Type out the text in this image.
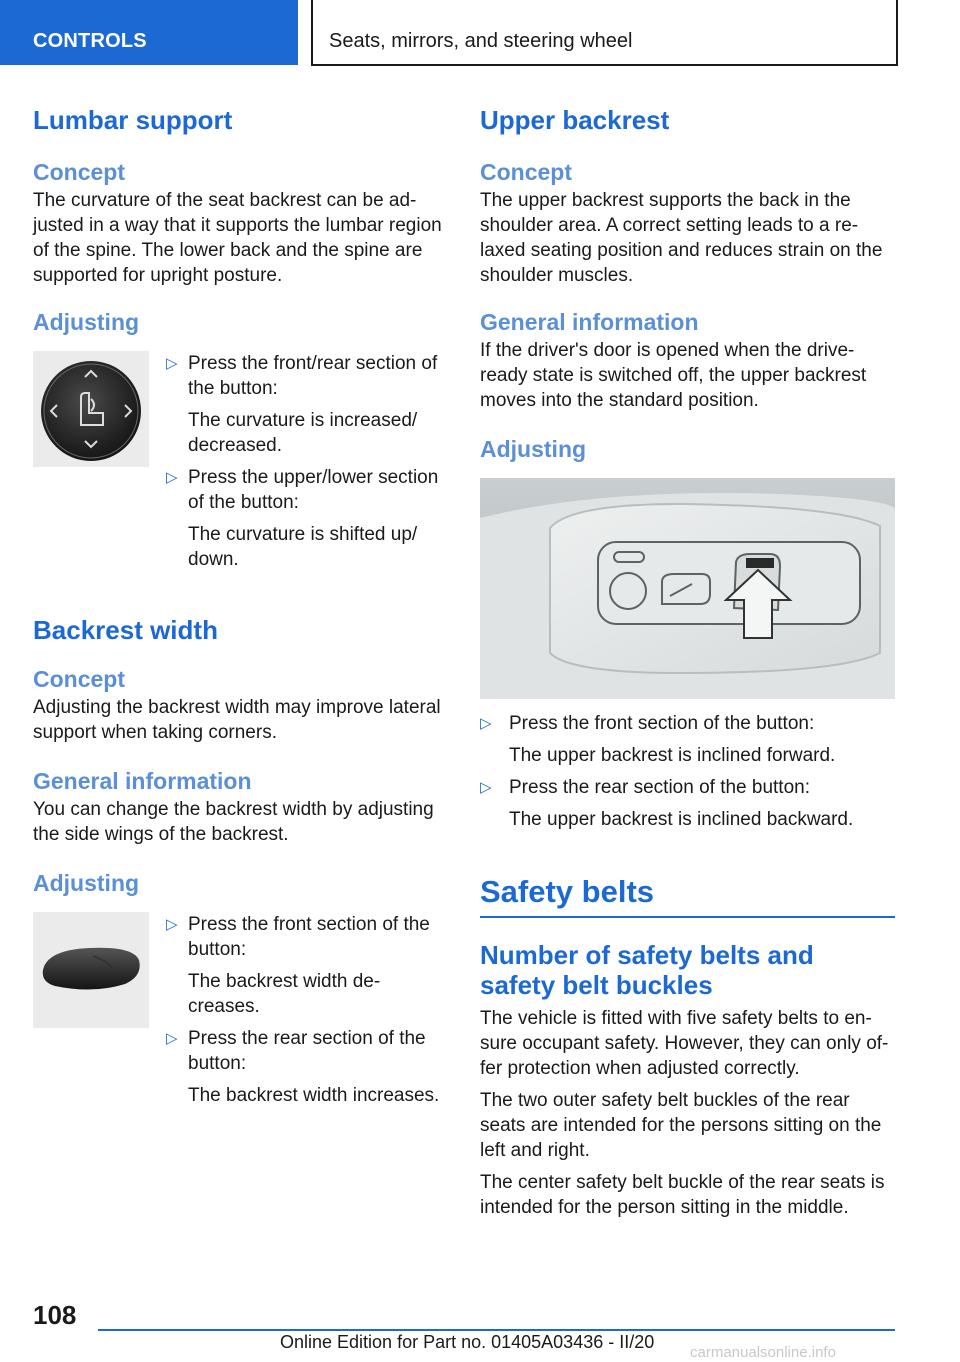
CONTROLS	Seats, mirrors, and steering wheel
Lumbar support
Concept

The curvature of the seat backrest can be ad‐justed in a way that it supports the lumbar region of the spine. The lower back and the spine are supported for upright posture.

Adjusting
▷ Press the front/rear section of the button:

The curvature is increased/ decreased.

▷ Press the upper/lower section of the button:

The curvature is shifted up/ down.

Backrest width
Concept

Adjusting the backrest width may improve lateral support when taking corners.

General information

You can change the backrest width by adjusting the side wings of the backrest.

Adjusting
▷ Press the front section of the button:

The backrest width de‐ creases.

▷ Press the rear section of the button:

The backrest width increases.

Upper backrest
Concept

The upper backrest supports the back in the shoulder area. A correct setting leads to a re‐laxed seating position and reduces strain on the shoulder muscles.

General information

If the driver's door is opened when the drive-ready state is switched off, the upper backrest moves into the standard position.

Adjusting
▷ Press the front section of the button:

The upper backrest is inclined forward.

▷ Press the rear section of the button:

The upper backrest is inclined backward.

Safety belts
Number of safety belts and safety belt buckles

The vehicle is fitted with five safety belts to en‐sure occupant safety. However, they can only of‐fer protection when adjusted correctly.

The two outer safety belt buckles of the rear seats are intended for the persons sitting on the left and right.

The center safety belt buckle of the rear seats is intended for the person sitting in the middle.

108
Online Edition for Part no. 01405A03436 - II/20
carmanualsonline.info
